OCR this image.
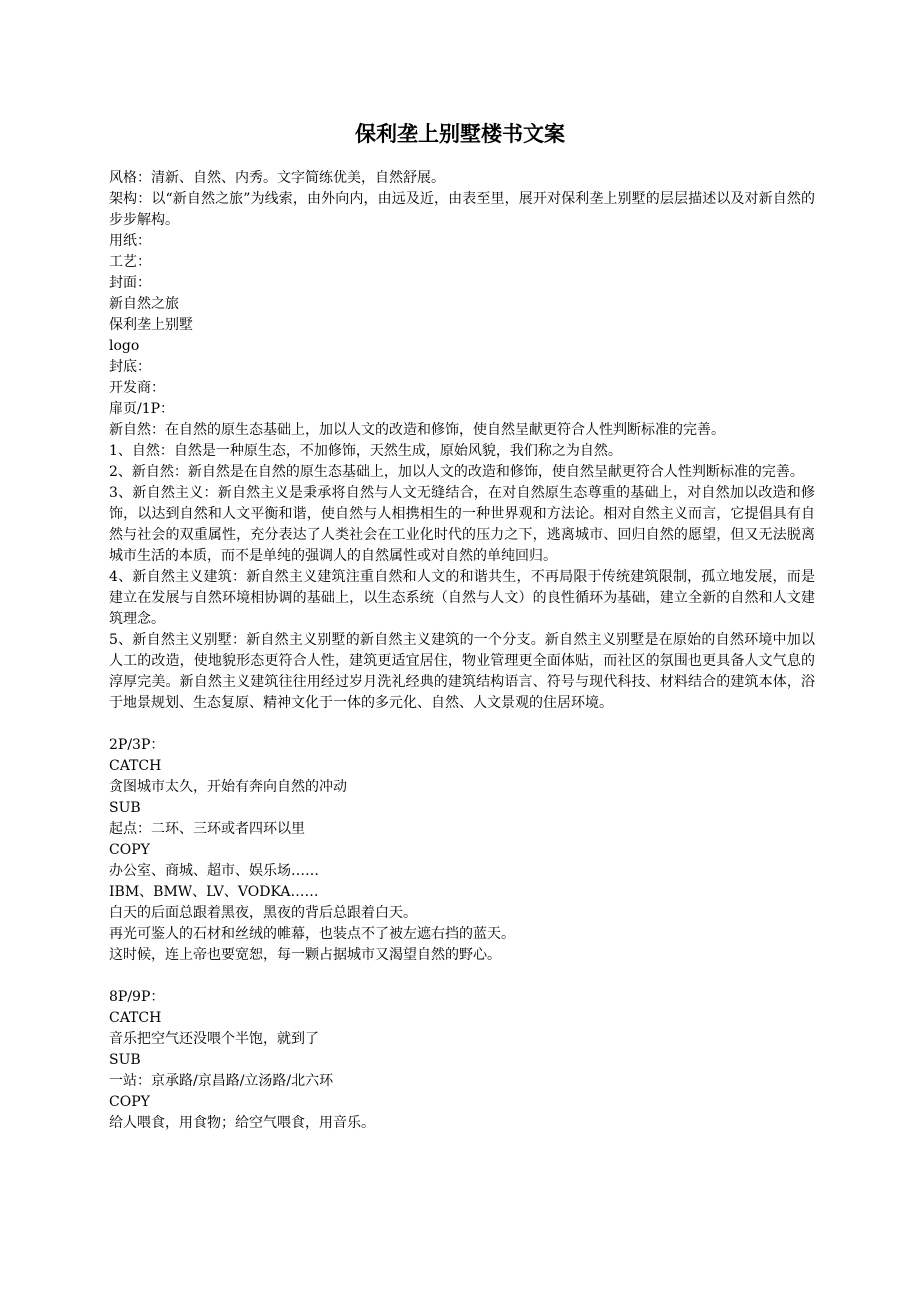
保利垄上别墅楼书文案

风格：清新、自然、内秀。文字简练优美，自然舒展。

架构：以“新自然之旅”为线索，由外向内，由远及近，由表至里，展开对保利垄上别墅的层层描述以及对新自然的步步解构。

用纸：

工艺：

封面：

新自然之旅

保利垄上别墅

logo

封底：

开发商：

扉页/1P：

新自然：在自然的原生态基础上，加以人文的改造和修饰，使自然呈献更符合人性判断标准的完善。

1、自然：自然是一种原生态，不加修饰，天然生成，原始风貌，我们称之为自然。

2、新自然：新自然是在自然的原生态基础上，加以人文的改造和修饰，使自然呈献更符合人性判断标准的完善。

3、新自然主义：新自然主义是秉承将自然与人文无缝结合，在对自然原生态尊重的基础上，对自然加以改造和修饰，以达到自然和人文平衡和谐，使自然与人相携相生的一种世界观和方法论。相对自然主义而言，它提倡具有自然与社会的双重属性，充分表达了人类社会在工业化时代的压力之下，逃离城市、回归自然的愿望，但又无法脱离城市生活的本质，而不是单纯的强调人的自然属性或对自然的单纯回归。

4、新自然主义建筑：新自然主义建筑注重自然和人文的和谐共生，不再局限于传统建筑限制，孤立地发展，而是建立在发展与自然环境相协调的基础上，以生态系统（自然与人文）的良性循环为基础，建立全新的自然和人文建筑理念。

5、新自然主义别墅：新自然主义别墅的新自然主义建筑的一个分支。新自然主义别墅是在原始的自然环境中加以人工的改造，使地貌形态更符合人性，建筑更适宜居住，物业管理更全面体贴，而社区的氛围也更具备人文气息的淳厚完美。新自然主义建筑往往用经过岁月洗礼经典的建筑结构语言、符号与现代科技、材料结合的建筑本体，浴于地景规划、生态复原、精神文化于一体的多元化、自然、人文景观的住居环境。

2P/3P：

CATCH

贪图城市太久，开始有奔向自然的冲动

SUB

起点：二环、三环或者四环以里

COPY

办公室、商城、超市、娱乐场……

IBM、BMW、LV、VODKA……

白天的后面总跟着黑夜，黑夜的背后总跟着白天。

再光可鉴人的石材和丝绒的帷幕，也装点不了被左遮右挡的蓝天。

这时候，连上帝也要宽恕，每一颗占据城市又渴望自然的野心。

8P/9P：

CATCH

音乐把空气还没喂个半饱，就到了

SUB

一站：京承路/京昌路/立汤路/北六环

COPY

给人喂食，用食物；给空气喂食，用音乐。
